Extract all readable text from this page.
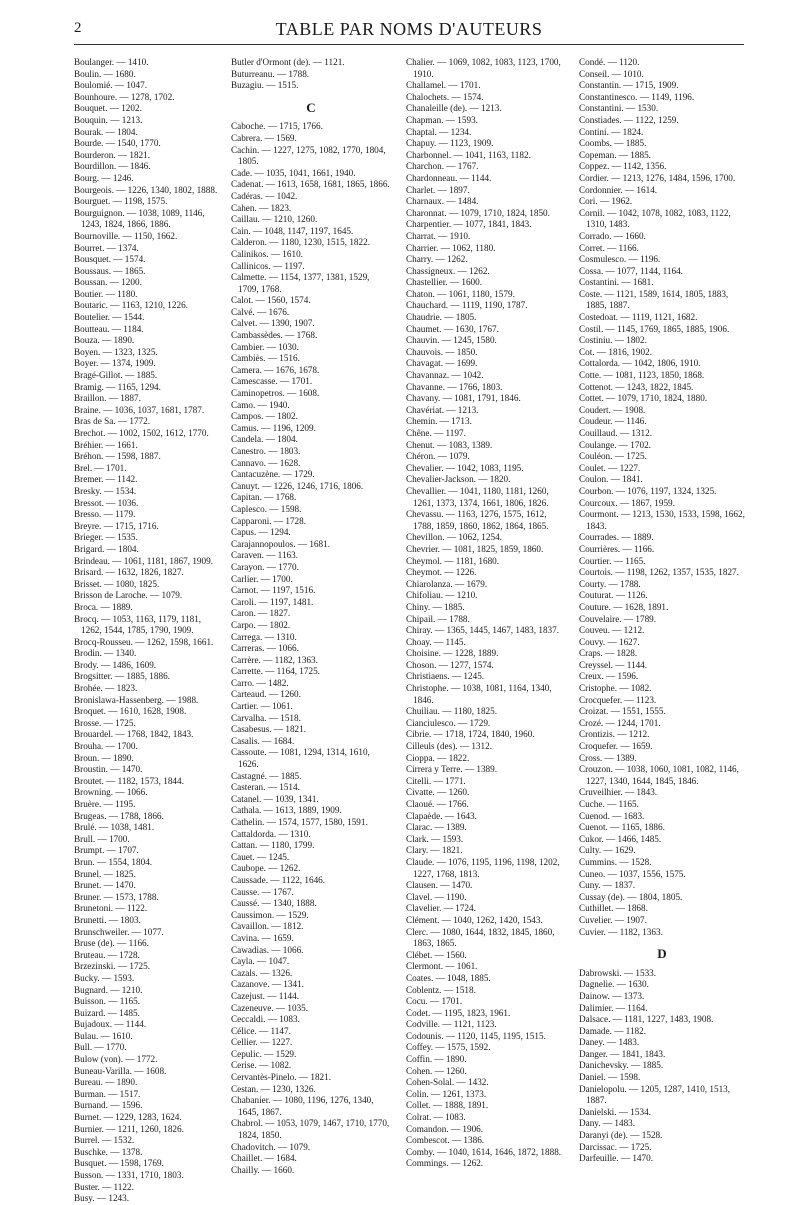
2	TABLE PAR NOMS D'AUTEURS
Boulanger. — 1410.
Boulin. — 1680.
Boulomié. — 1047.
Bounhoure. — 1278, 1702.
Bouquet. — 1202.
Bouquin. — 1213.
Bourak. — 1804.
Bourde. — 1540, 1770.
Bourderon. — 1821.
Bourdillon. — 1846.
Bourg. — 1246.
Bourgeois. — 1226, 1340, 1802, 1888.
Bourguet. — 1198, 1575.
Bourguignon. — 1038, 1089, 1146, 1243, 1824, 1866, 1886.
Bournoville. — 1150, 1662.
Bourret. — 1374.
Bousquet. — 1574.
Boussaus. — 1865.
Boussan. — 1200.
Boutier. — 1180.
Boutaric. — 1163, 1210, 1226.
Boutelier. — 1544.
Boutteau. — 1184.
Bouza. — 1890.
Boyen. — 1323, 1325.
Boyer. — 1374, 1909.
Bragé-Gillot. — 1885.
Bramig. — 1165, 1294.
Braillon. — 1887.
Braine. — 1036, 1037, 1681, 1787.
Bras de Sa. — 1772.
Brechot. — 1002, 1502, 1612, 1770.
Bréhier. — 1661.
Bréhon. — 1598, 1887.
Brel. — 1701.
Bremer. — 1142.
Bresky. — 1534.
Bressot. — 1036.
Bresso. — 1179.
Breyre. — 1715, 1716.
Brieger. — 1535.
Brigard. — 1804.
Brindeau. — 1061, 1181, 1867, 1909.
Brisard. — 1632, 1826, 1827.
Brisset. — 1080, 1825.
Brisson de Laroche. — 1079.
Broca. — 1889.
Brocq. — 1053, 1163, 1179, 1181, 1262, 1544, 1785, 1790, 1909.
Brocq-Rousseu. — 1262, 1598, 1661.
Brodin. — 1340.
Brody. — 1486, 1609.
Brogsitter. — 1885, 1886.
Brohée. — 1823.
Bronislawa-Hassenberg. — 1988.
Broquet. — 1610, 1628, 1908.
Brosse. — 1725.
Brouardel. — 1768, 1842, 1843.
Brouha. — 1700.
Broun. — 1890.
Broustin. — 1470.
Broutet. — 1182, 1573, 1844.
Browning. — 1066.
Bruère. — 1195.
Brugeas. — 1788, 1866.
Brulé. — 1038, 1481.
Brull. — 1700.
Brumpt. — 1707.
Brun. — 1554, 1804.
Brunel. — 1825.
Brunet. — 1470.
Bruner. — 1573, 1788.
Brunetoni. — 1122.
Brunetti. — 1803.
Brunschweiler. — 1077.
Bruse (de). — 1166.
Bruteau. — 1728.
Brzezinski. — 1725.
Bucky. — 1593.
Bugnard. — 1210.
Buisson. — 1165.
Buizard. — 1485.
Bujadoux. — 1144.
Bulau. — 1610.
Bull. — 1770.
Bulow (von). — 1772.
Buneau-Varilla. — 1608.
Bureau. — 1890.
Burman. — 1517.
Burnand. — 1596.
Burnet. — 1229, 1283, 1624.
Burnier. — 1211, 1260, 1826.
Burrel. — 1532.
Buschke. — 1378.
Busquet. — 1598, 1769.
Busson. — 1331, 1710, 1803.
Buster. — 1122.
Busy. — 1243.
Butler d'Ormont (de). — 1121.
Buturreanu. — 1788.
Buzagiu. — 1515.
C
Caboche. — 1715, 1766.
Cabrera. — 1569.
Cachin. — 1227, 1275, 1082, 1770, 1804, 1805.
Cade. — 1035, 1041, 1661, 1940.
Cadenat. — 1613, 1658, 1681, 1865, 1866.
Cadéras. — 1042.
Cahen. — 1823.
Caillau. — 1210, 1260.
Cain. — 1048, 1147, 1197, 1645.
Calderon. — 1180, 1230, 1515, 1822.
Calinikos. — 1610.
Callinicos. — 1197.
Calmette. — 1154, 1377, 1381, 1529, 1709, 1768.
Calot. — 1560, 1574.
Calvé. — 1676.
Calvet. — 1390, 1907.
Cambassèdes. — 1768.
Cambier. — 1030.
Cambiès. — 1516.
Camera. — 1676, 1678.
Camescasse. — 1701.
Caminopetros. — 1608.
Camo. — 1940.
Campos. — 1802.
Camus. — 1196, 1209.
Candela. — 1804.
Canestro. — 1803.
Cannavo. — 1628.
Cantacuzène. — 1729.
Canuyt. — 1226, 1246, 1716, 1806.
Capitan. — 1768.
Caplesco. — 1598.
Capparoni. — 1728.
Capus. — 1294.
Carajannopoulos. — 1681.
Caraven. — 1163.
Carayon. — 1770.
Carlier. — 1700.
Carnot. — 1197, 1516.
Caroli. — 1197, 1481.
Caron. — 1827.
Carpo. — 1802.
Carrega. — 1310.
Carreras. — 1066.
Carrère. — 1182, 1363.
Carrette. — 1164, 1725.
Carro. — 1482.
Carteaud. — 1260.
Cartier. — 1061.
Carvalha. — 1518.
Casabesus. — 1821.
Casalis. — 1684.
Cassoute. — 1081, 1294, 1314, 1610, 1626.
Castagné. — 1885.
Casteran. — 1514.
Catanel. — 1039, 1341.
Cathala. — 1613, 1889, 1909.
Cathelin. — 1574, 1577, 1580, 1591.
Cattaldorda. — 1310.
Cattan. — 1180, 1799.
Cauet. — 1245.
Caubope. — 1262.
Caussade. — 1122, 1646.
Causse. — 1767.
Caussé. — 1340, 1888.
Caussimon. — 1529.
Cavaillon. — 1812.
Cavina. — 1659.
Cawadias. — 1066.
Cayla. — 1047.
Cazals. — 1326.
Cazanove. — 1341.
Cazejust. — 1144.
Cazeneuve. — 1035.
Ceccaldi. — 1083.
Célice. — 1147.
Cellier. — 1227.
Cepulic. — 1529.
Cerise. — 1082.
Cervantès-Pinelo. — 1821.
Cestan. — 1230, 1326.
Chabanier. — 1080, 1196, 1276, 1340, 1645, 1867.
Chabrol. — 1053, 1079, 1467, 1710, 1770, 1824, 1850.
Chadovitch. — 1079.
Chaillet. — 1684.
Chailly. — 1660.
Chalier. — 1069, 1082, 1083, 1123, 1700, 1910.
Challamel. — 1701.
Chalochets. — 1574.
Chanaleille (de). — 1213.
Chapman. — 1593.
Chaptal. — 1234.
Chapuy. — 1123, 1909.
Charbonnel. — 1041, 1163, 1182.
Charchon. — 1767.
Chardonneau. — 1144.
Charlet. — 1897.
Charnaux. — 1484.
Charonnat. — 1079, 1710, 1824, 1850.
Charpentier. — 1077, 1841, 1843.
Charrat. — 1910.
Charrier. — 1062, 1180.
Charry. — 1262.
Chassigneux. — 1262.
Chastellier. — 1600.
Chaton. — 1061, 1180, 1579.
Chauchard. — 1119, 1190, 1787.
Chaudrie. — 1805.
Chaumet. — 1630, 1767.
Chauvin. — 1245, 1580.
Chauvois. — 1850.
Chavagat. — 1699.
Chavannaz. — 1042.
Chavanne. — 1766, 1803.
Chavany. — 1081, 1791, 1846.
Chavériat. — 1213.
Chemin. — 1713.
Chêne. — 1197.
Chenut. — 1083, 1389.
Chéron. — 1079.
Chevalier. — 1042, 1083, 1195.
Chevalier-Jackson. — 1820.
Chevallier. — 1041, 1180, 1181, 1260, 1261, 1373, 1374, 1661, 1806, 1826.
Chevassu. — 1163, 1276, 1575, 1612, 1788, 1859, 1860, 1862, 1864, 1865.
Chevillon. — 1062, 1254.
Chevrier. — 1081, 1825, 1859, 1860.
Cheymol. — 1181, 1680.
Cheymot. — 1226.
Chiarolanza. — 1679.
Chifoliau. — 1210.
Chiny. — 1885.
Chipail. — 1788.
Chiray. — 1365, 1445, 1467, 1483, 1837.
Choay. — 1145.
Choisine. — 1228, 1889.
Choson. — 1277, 1574.
Christiaens. — 1245.
Christophe. — 1038, 1081, 1164, 1340, 1846.
Chuiliau. — 1180, 1825.
Cianciulesco. — 1729.
Cibrie. — 1718, 1724, 1840, 1960.
Cilleuls (des). — 1312.
Cioppa. — 1822.
Cirrera y Terre. — 1389.
Citelli. — 1771.
Civatte. — 1260.
Claoué. — 1766.
Clapaède. — 1643.
Clarac. — 1389.
Clark. — 1593.
Clary. — 1821.
Claude. — 1076, 1195, 1196, 1198, 1202, 1227, 1768, 1813.
Clausen. — 1470.
Clavel. — 1190.
Clavelier. — 1724.
Clément. — 1040, 1262, 1420, 1543.
Clerc. — 1080, 1644, 1832, 1845, 1860, 1863, 1865.
Clébet. — 1560.
Clermont. — 1061.
Coates. — 1048, 1885.
Coblentz. — 1518.
Cocu. — 1701.
Codet. — 1195, 1823, 1961.
Codville. — 1121, 1123.
Codounis. — 1120, 1145, 1195, 1515.
Coffey. — 1575, 1592.
Coffin. — 1890.
Cohen. — 1260.
Cohen-Solal. — 1432.
Colin. — 1261, 1373.
Collet. — 1888, 1891.
Colrat. — 1083.
Comandon. — 1906.
Combescot. — 1386.
Comby. — 1040, 1614, 1646, 1872, 1888.
Commings. — 1262.
Condé. — 1120.
Conseil. — 1010.
Constantin. — 1715, 1909.
Constantinesco. — 1149, 1196.
Constantini. — 1530.
Constiades. — 1122, 1259.
Contini. — 1824.
Coombs. — 1885.
Copeman. — 1885.
Coppez. — 1142, 1356.
Cordier. — 1213, 1276, 1484, 1596, 1700.
Cordonnier. — 1614.
Cori. — 1962.
Cornil. — 1042, 1078, 1082, 1083, 1122, 1310, 1483.
Corrado. — 1660.
Corret. — 1166.
Cosmulesco. — 1196.
Cossa. — 1077, 1144, 1164.
Costantini. — 1681.
Coste. — 1121, 1589, 1614, 1805, 1883, 1885, 1887.
Costedoat. — 1119, 1121, 1682.
Costil. — 1145, 1769, 1865, 1885, 1906.
Costiniu. — 1802.
Cot. — 1816, 1902.
Cottalorda. — 1042, 1806, 1910.
Cotte. — 1081, 1123, 1850, 1868.
Cottenot. — 1243, 1822, 1845.
Cottet. — 1079, 1710, 1824, 1880.
Coudert. — 1908.
Coudeur. — 1146.
Couillaud. — 1312.
Coulange. — 1702.
Couléon. — 1725.
Coulet. — 1227.
Coulon. — 1841.
Courbon. — 1076, 1197, 1324, 1325.
Courcoux. — 1867, 1959.
Courmont. — 1213, 1530, 1533, 1598, 1662, 1843.
Courrades. — 1889.
Courrières. — 1166.
Courtier. — 1165.
Courtois. — 1198, 1262, 1357, 1535, 1827.
Courty. — 1788.
Couturat. — 1126.
Couture. — 1628, 1891.
Couvelaire. — 1789.
Couveu. — 1212.
Couvy. — 1627.
Craps. — 1828.
Creyssel. — 1144.
Creux. — 1596.
Cristophe. — 1082.
Crocquefer. — 1123.
Croizat. — 1551, 1555.
Crozé. — 1244, 1701.
Crontizis. — 1212.
Croquefer. — 1659.
Cross. — 1389.
Crouzon. — 1038, 1060, 1081, 1082, 1146, 1227, 1340, 1644, 1845, 1846.
Cruveilhier. — 1843.
Cuche. — 1165.
Cuenod. — 1683.
Cuenot. — 1165, 1886.
Cukor. — 1466, 1485.
Culty. — 1629.
Cummins. — 1528.
Cuneo. — 1037, 1556, 1575.
Cuny. — 1837.
Cussay (de). — 1804, 1805.
Cuthillet. — 1868.
Cuvelier. — 1907.
Cuvier. — 1182, 1363.
D
Dabrowski. — 1533.
Dagnelie. — 1630.
Dainow. — 1373.
Dalimier. — 1164.
Dalsace. — 1181, 1227, 1483, 1908.
Damade. — 1182.
Daney. — 1483.
Danger. — 1841, 1843.
Danichevsky. — 1885.
Daniel. — 1598.
Danielopolu. — 1205, 1287, 1410, 1513, 1887.
Danielski. — 1534.
Dany. — 1483.
Daranyi (de). — 1528.
Darcissac. — 1725.
Darfeuille. — 1470.
